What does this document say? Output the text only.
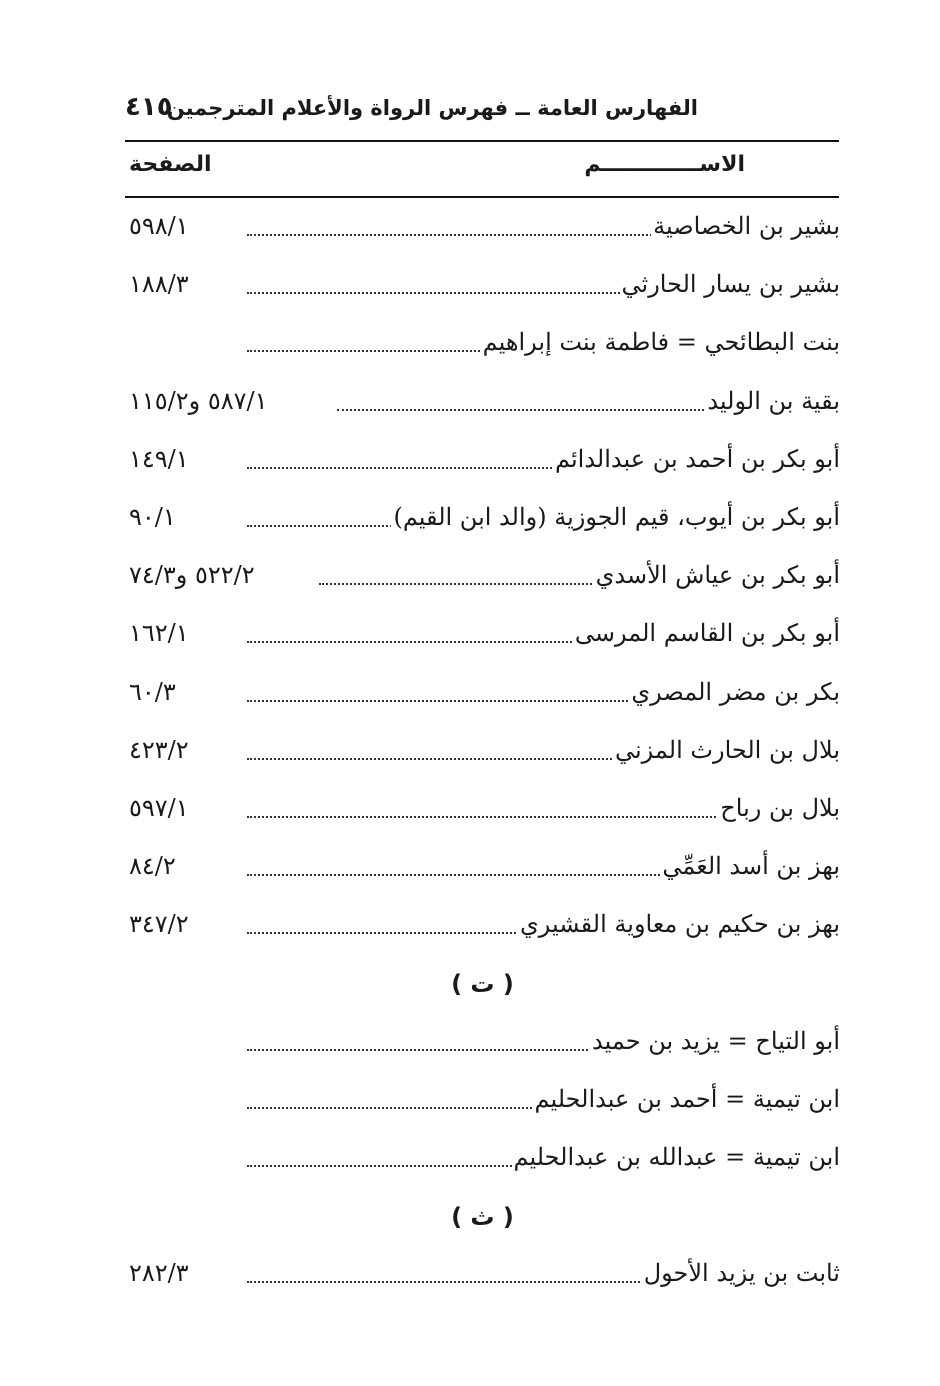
الفهارس العامة ــ فهرس الرواة والأعلام المترجمين
٤١٥
الاســـــــــــــم
الصفحة
بشير بن الخصاصية
٥٩٨/١
بشير بن يسار الحارثي
١٨٨/٣
بنت البطائحي = فاطمة بنت إبراهيم
بقية بن الوليد
٥٨٧/١ و١١٥/٢
أبو بكر بن أحمد بن عبدالدائم
١٤٩/١
أبو بكر بن أيوب، قيم الجوزية (والد ابن القيم)
٩٠/١
أبو بكر بن عياش الأسدي
٥٢٢/٢ و٧٤/٣
أبو بكر بن القاسم المرسى
١٦٢/١
بكر بن مضر المصري
٦٠/٣
بلال بن الحارث المزني
٤٢٣/٢
بلال بن رباح
٥٩٧/١
بهز بن أسد العَمِّي
٨٤/٢
بهز بن حكيم بن معاوية القشيري
٣٤٧/٢
( ت )
أبو التياح = يزيد بن حميد
ابن تيمية = أحمد بن عبدالحليم
ابن تيمية = عبدالله بن عبدالحليم
( ث )
ثابت بن يزيد الأحول
٢٨٢/٣
